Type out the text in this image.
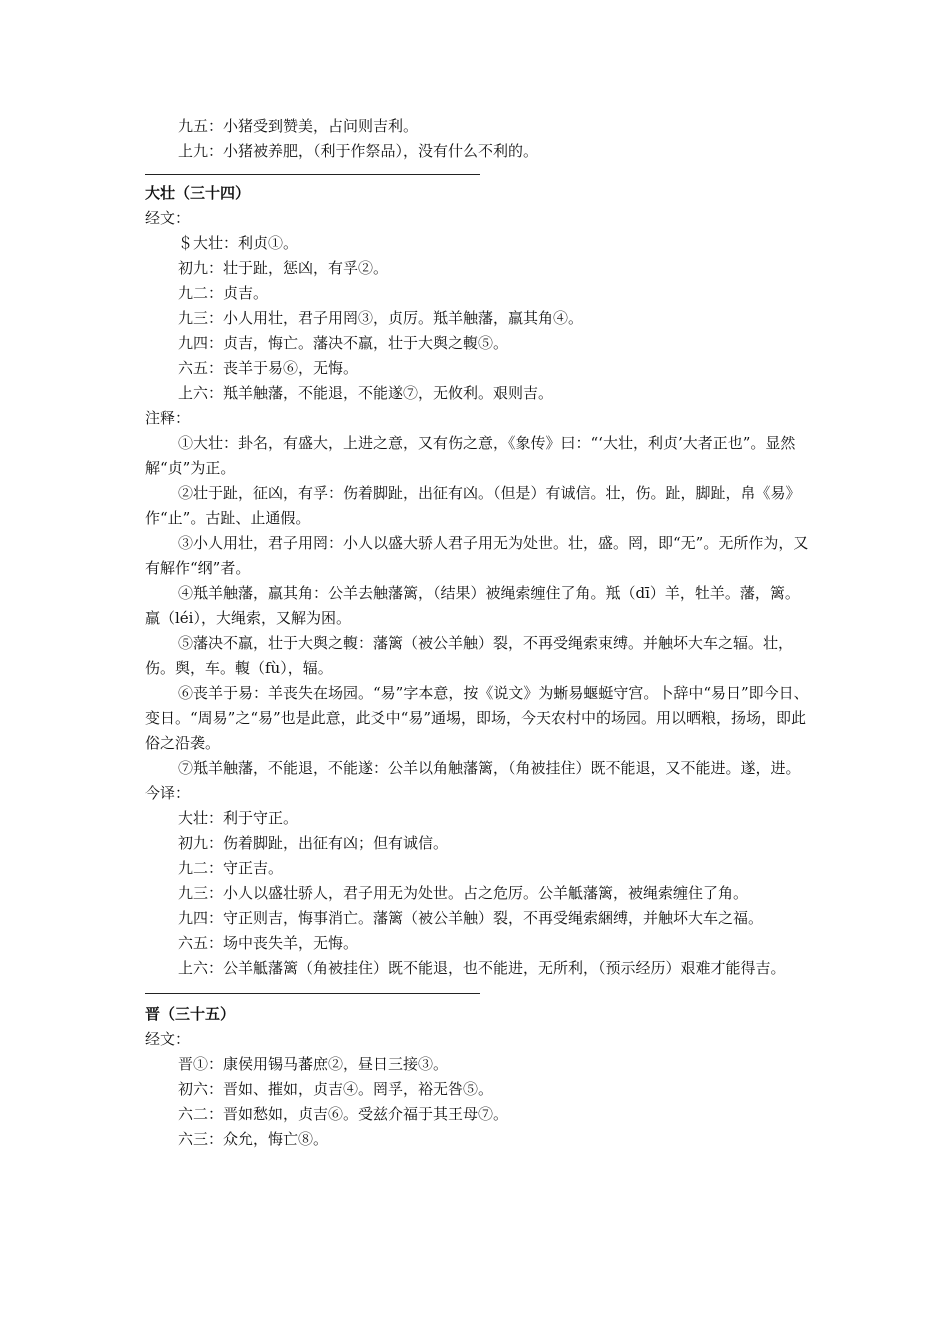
九五：小猪受到赞美，占问则吉利。

上九：小猪被养肥，（利于作祭品），没有什么不利的。

大壮（三十四）

经文：

＄大壮：利贞①。

初九：壮于趾，惩凶，有孚②。

九二：贞吉。

九三：小人用壮，君子用罔③，贞厉。羝羊触藩，羸其角④。

九四：贞吉，悔亡。藩决不羸，壮于大舆之輹⑤。

六五：丧羊于易⑥，无悔。

上六：羝羊触藩，不能退，不能遂⑦，无攸利。艰则吉。

注释：

①大壮：卦名，有盛大，上进之意，又有伤之意，《象传》曰：“‘大壮，利贞’大者正也”。显然解“贞”为正。

②壮于趾，征凶，有孚：伤着脚趾，出征有凶。（但是）有诚信。壮，伤。趾，脚趾，帛《易》作“止”。古趾、止通假。

③小人用壮，君子用罔：小人以盛大骄人君子用无为处世。壮，盛。罔，即“无”。无所作为，又有解作“纲”者。

④羝羊触藩，羸其角：公羊去触藩篱，（结果）被绳索缠住了角。羝（dī）羊，牡羊。藩，篱。羸（léi），大绳索，又解为困。

⑤藩决不羸，壮于大舆之輹：藩篱（被公羊触）裂，不再受绳索束缚。并触坏大车之辐。壮，伤。舆，车。輹（fù），辐。

⑥丧羊于易：羊丧失在场园。“易”字本意，按《说文》为蜥易蝘蜓守宫。卜辞中“易日”即今日、变日。“周易”之“易”也是此意，此爻中“易”通埸，即场，今天农村中的场园。用以晒粮，扬场，即此俗之沿袭。

⑦羝羊触藩，不能退，不能遂：公羊以角触藩篱，（角被挂住）既不能退，又不能进。遂，进。

今译：

大壮：利于守正。

初九：伤着脚趾，出征有凶；但有诚信。

九二：守正吉。

九三：小人以盛壮骄人，君子用无为处世。占之危厉。公羊觝藩篱，被绳索缠住了角。

九四：守正则吉，悔事消亡。藩篱（被公羊触）裂，不再受绳索綑缚，并触坏大车之福。

六五：场中丧失羊，无悔。

上六：公羊觝藩篱（角被挂住）既不能退，也不能进，无所利，（预示经历）艰难才能得吉。

晋（三十五）

经文：

晋①：康侯用锡马蕃庶②，昼日三接③。

初六：晋如、摧如，贞吉④。罔孚，裕无咎⑤。

六二：晋如愁如，贞吉⑥。受兹介福于其王母⑦。

六三：众允，悔亡⑧。
